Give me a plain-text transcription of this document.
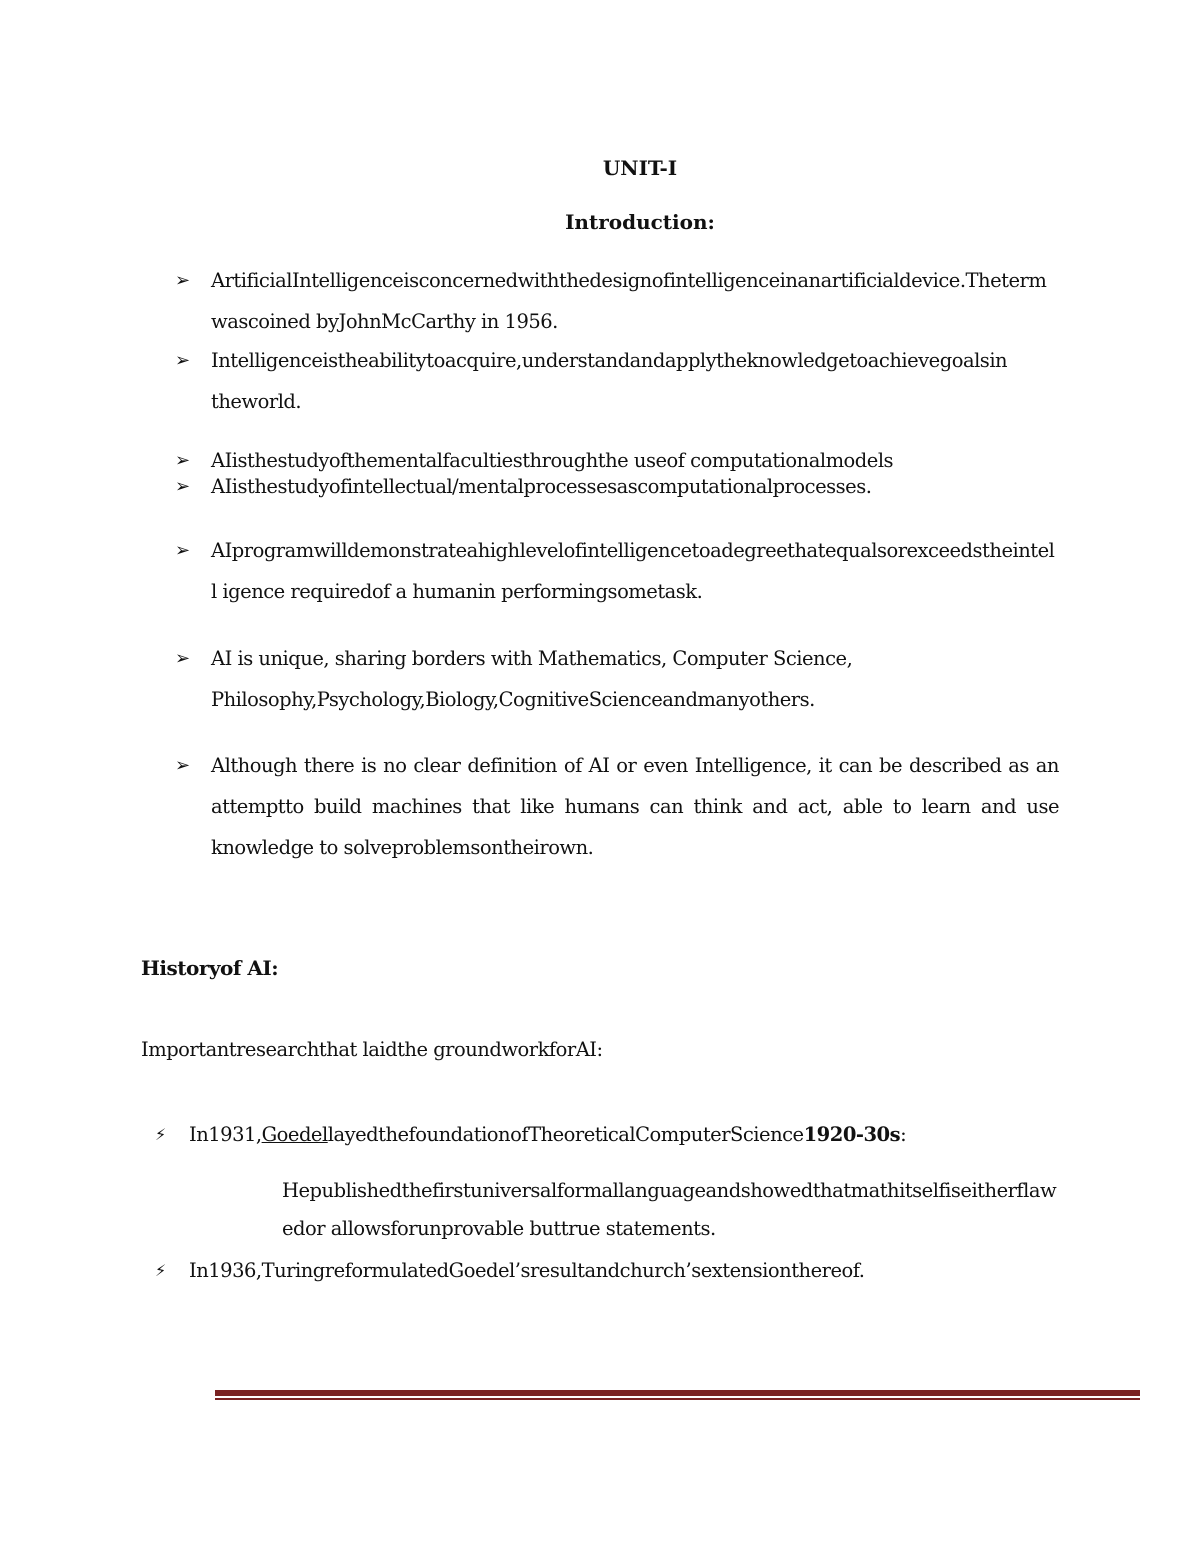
UNIT-I
Introduction:
➢	ArtificialIntelligenceisconcernedwiththedesignofintelligenceinanartificialdevice.Theterm wascoined byJohnMcCarthy in 1956.
➢	Intelligenceistheabilitytoacquire,understandandapplytheknowledgetoachievegoalsin theworld.
➢	AIisthestudyofthementalfacultiesthroughthe useof computationalmodels
➢	AIisthestudyofintellectual/mentalprocessesascomputationalprocesses.
➢	AIprogramwilldemonstrateahighlevelofintelligencetoadegreethatequalsorexceedstheintell igence requiredof a humanin performingsometask.
➢	AI is unique, sharing borders with Mathematics, Computer Science, Philosophy,Psychology,Biology,CognitiveScienceandmanyothers.
➢	Although there is no clear definition of AI or even Intelligence, it can be described as an attemptto build machines that like humans can think and act, able to learn and use knowledge to solveproblemsontheirown.
Historyof AI:
Importantresearchthat laidthe groundworkforAI:
⚡ In1931,GoedellayedthefoundationofTheoreticalComputerScience1920-30s:
Hepublishedthefirstuniversalformallanguageandshowedthatmathitselfiseitherflawedor allowsforunprovable buttrue statements.
⚡ In1936,TuringreformulatedGoedel’sresultandchurch’sextensionthereof.
